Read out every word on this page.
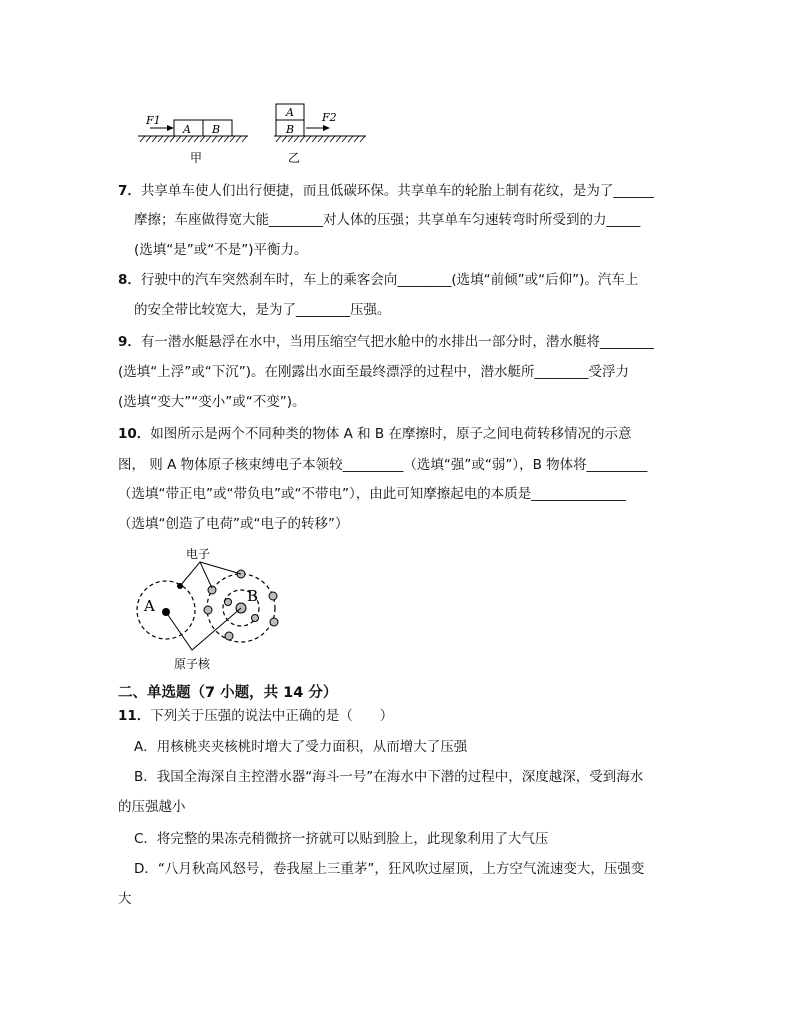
A B
F1
甲
A
B
F2
乙
7．共享单车使人们出行便捷，而且低碳环保。共享单车的轮胎上制有花纹，是为了______
摩擦；车座做得宽大能________对人体的压强；共享单车匀速转弯时所受到的力_____
(选填“是”或“不是”)平衡力。
8．行驶中的汽车突然刹车时，车上的乘客会向________(选填“前倾”或“后仰”)。汽车上
的安全带比较宽大，是为了________压强。
9．有一潜水艇悬浮在水中，当用压缩空气把水舱中的水排出一部分时，潜水艇将________
(选填“上浮”或“下沉”)。在刚露出水面至最终漂浮的过程中，潜水艇所________受浮力
(选填“变大”“变小”或“不变”)。
10．如图所示是两个不同种类的物体 A 和 B 在摩擦时，原子之间电荷转移情况的示意
图， 则 A 物体原子核束缚电子本领较_________（选填“强”或“弱”），B 物体将_________
（选填“带正电”或“带负电”或“不带电”），由此可知摩擦起电的本质是______________
（选填“创造了电荷”或“电子的转移”）
电子
A
B
原子核
二、单选题（7 小题，共 14 分）
11．下列关于压强的说法中正确的是（　　）
A．用核桃夹夹核桃时增大了受力面积，从而增大了压强
B．我国全海深自主控潜水器“海斗一号”在海水中下潜的过程中，深度越深，受到海水
的压强越小
C．将完整的果冻壳稍微挤一挤就可以贴到脸上，此现象利用了大气压
D．“八月秋高风怒号，卷我屋上三重茅”，狂风吹过屋顶，上方空气流速变大，压强变
大
